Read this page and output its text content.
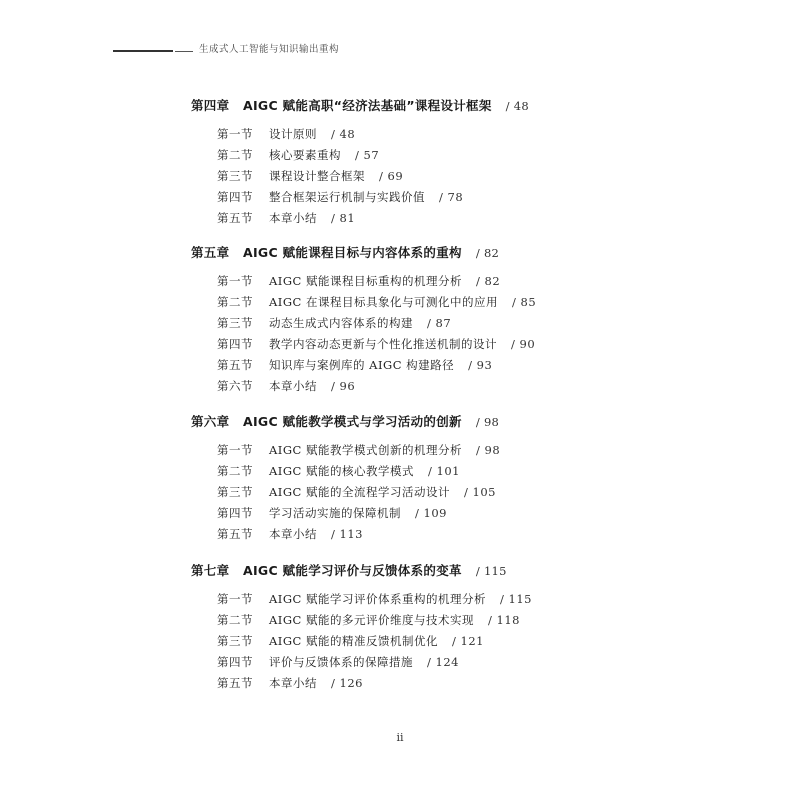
生成式人工智能与知识输出重构
第四章 AIGC 赋能高职“经济法基础”课程设计框架 / 48
第一节 设计原则 / 48
第二节 核心要素重构 / 57
第三节 课程设计整合框架 / 69
第四节 整合框架运行机制与实践价值 / 78
第五节 本章小结 / 81
第五章 AIGC 赋能课程目标与内容体系的重构 / 82
第一节 AIGC 赋能课程目标重构的机理分析 / 82
第二节 AIGC 在课程目标具象化与可测化中的应用 / 85
第三节 动态生成式内容体系的构建 / 87
第四节 教学内容动态更新与个性化推送机制的设计 / 90
第五节 知识库与案例库的 AIGC 构建路径 / 93
第六节 本章小结 / 96
第六章 AIGC 赋能教学模式与学习活动的创新 / 98
第一节 AIGC 赋能教学模式创新的机理分析 / 98
第二节 AIGC 赋能的核心教学模式 / 101
第三节 AIGC 赋能的全流程学习活动设计 / 105
第四节 学习活动实施的保障机制 / 109
第五节 本章小结 / 113
第七章 AIGC 赋能学习评价与反馈体系的变革 / 115
第一节 AIGC 赋能学习评价体系重构的机理分析 / 115
第二节 AIGC 赋能的多元评价维度与技术实现 / 118
第三节 AIGC 赋能的精准反馈机制优化 / 121
第四节 评价与反馈体系的保障措施 / 124
第五节 本章小结 / 126
ii
